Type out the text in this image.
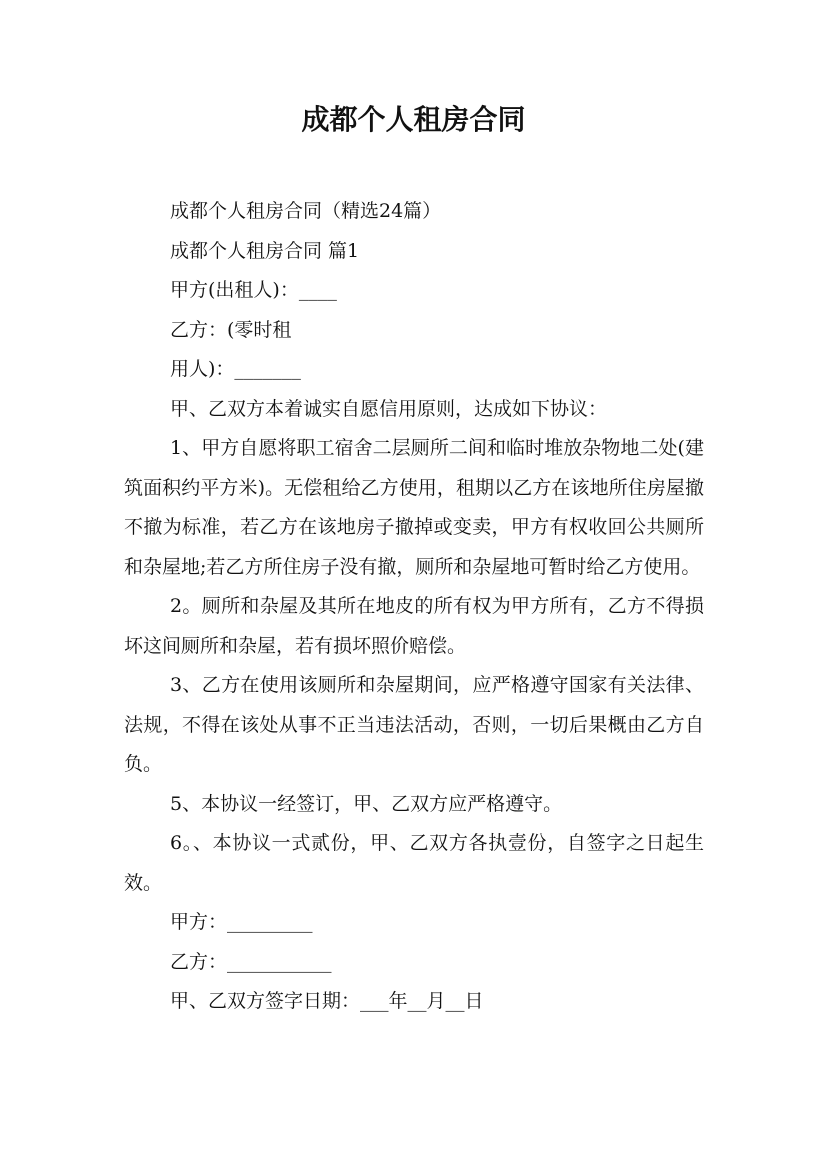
成都个人租房合同

成都个人租房合同（精选24篇）

成都个人租房合同 篇1

甲方(出租人)：____

乙方：(零时租

用人)：_______

甲、乙双方本着诚实自愿信用原则，达成如下协议：

1、甲方自愿将职工宿舍二层厕所二间和临时堆放杂物地二处(建筑面积约平方米)。无偿租给乙方使用，租期以乙方在该地所住房屋撤不撤为标准，若乙方在该地房子撤掉或变卖，甲方有权收回公共厕所和杂屋地;若乙方所住房子没有撤，厕所和杂屋地可暂时给乙方使用。

2。厕所和杂屋及其所在地皮的所有权为甲方所有，乙方不得损坏这间厕所和杂屋，若有损坏照价赔偿。

3、乙方在使用该厕所和杂屋期间，应严格遵守国家有关法律、法规，不得在该处从事不正当违法活动，否则，一切后果概由乙方自负。

5、本协议一经签订，甲、乙双方应严格遵守。

6。、本协议一式贰份，甲、乙双方各执壹份，自签字之日起生效。

甲方：_________

乙方：___________

甲、乙双方签字日期：___年__月__日
